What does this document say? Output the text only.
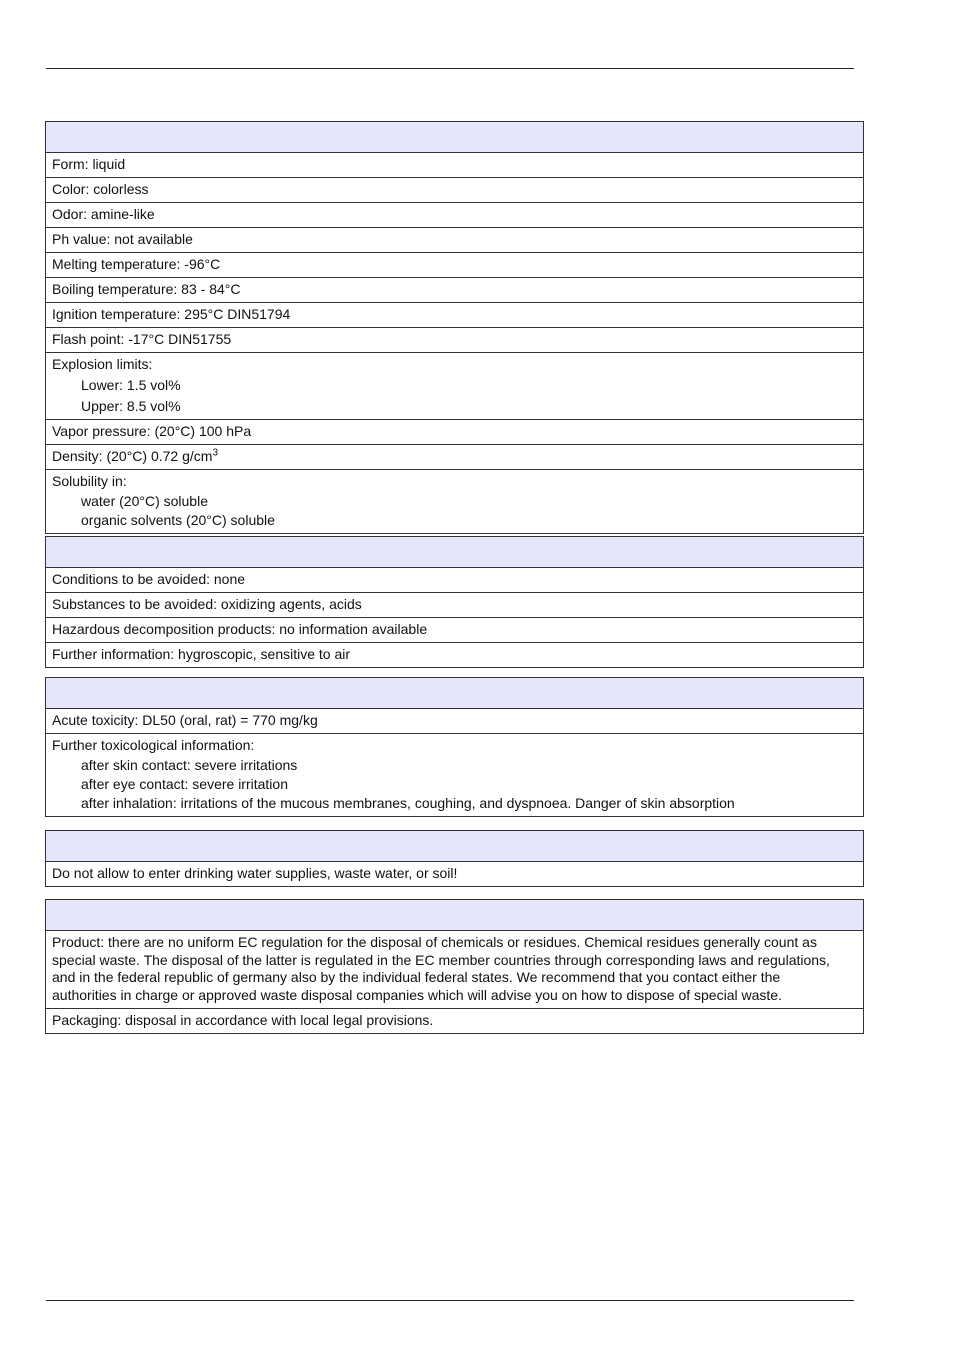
Form: liquid
Color: colorless
Odor: amine-like
Ph value: not available
Melting temperature: -96°C
Boiling temperature: 83 - 84°C
Ignition temperature: 295°C DIN51794
Flash point: -17°C DIN51755
Explosion limits:
Lower: 1.5 vol%
Upper: 8.5 vol%
Vapor pressure: (20°C) 100 hPa
Density: (20°C) 0.72 $g/cm^3$
Solubility in:
water (20°C) soluble
organic solvents (20°C) soluble
Conditions to be avoided: none
Substances to be avoided: oxidizing agents, acids
Hazardous decomposition products: no information available
Further information: hygroscopic, sensitive to air
Acute toxicity: DL50 (oral, rat) = 770 mg/kg
Further toxicological information:
after skin contact: severe irritations
after eye contact: severe irritation
after inhalation: irritations of the mucous membranes, coughing, and dyspnoea. Danger of skin absorption
Do not allow to enter drinking water supplies, waste water, or soil!
Product: there are no uniform EC regulation for the disposal of chemicals or residues. Chemical residues generally count as
special waste. The disposal of the latter is regulated in the EC member countries through corresponding laws and regulations,
and in the federal republic of germany also by the individual federal states. We recommend that you contact either the
authorities in charge or approved waste disposal companies which will advise you on how to dispose of special waste.
Packaging: disposal in accordance with local legal provisions.
